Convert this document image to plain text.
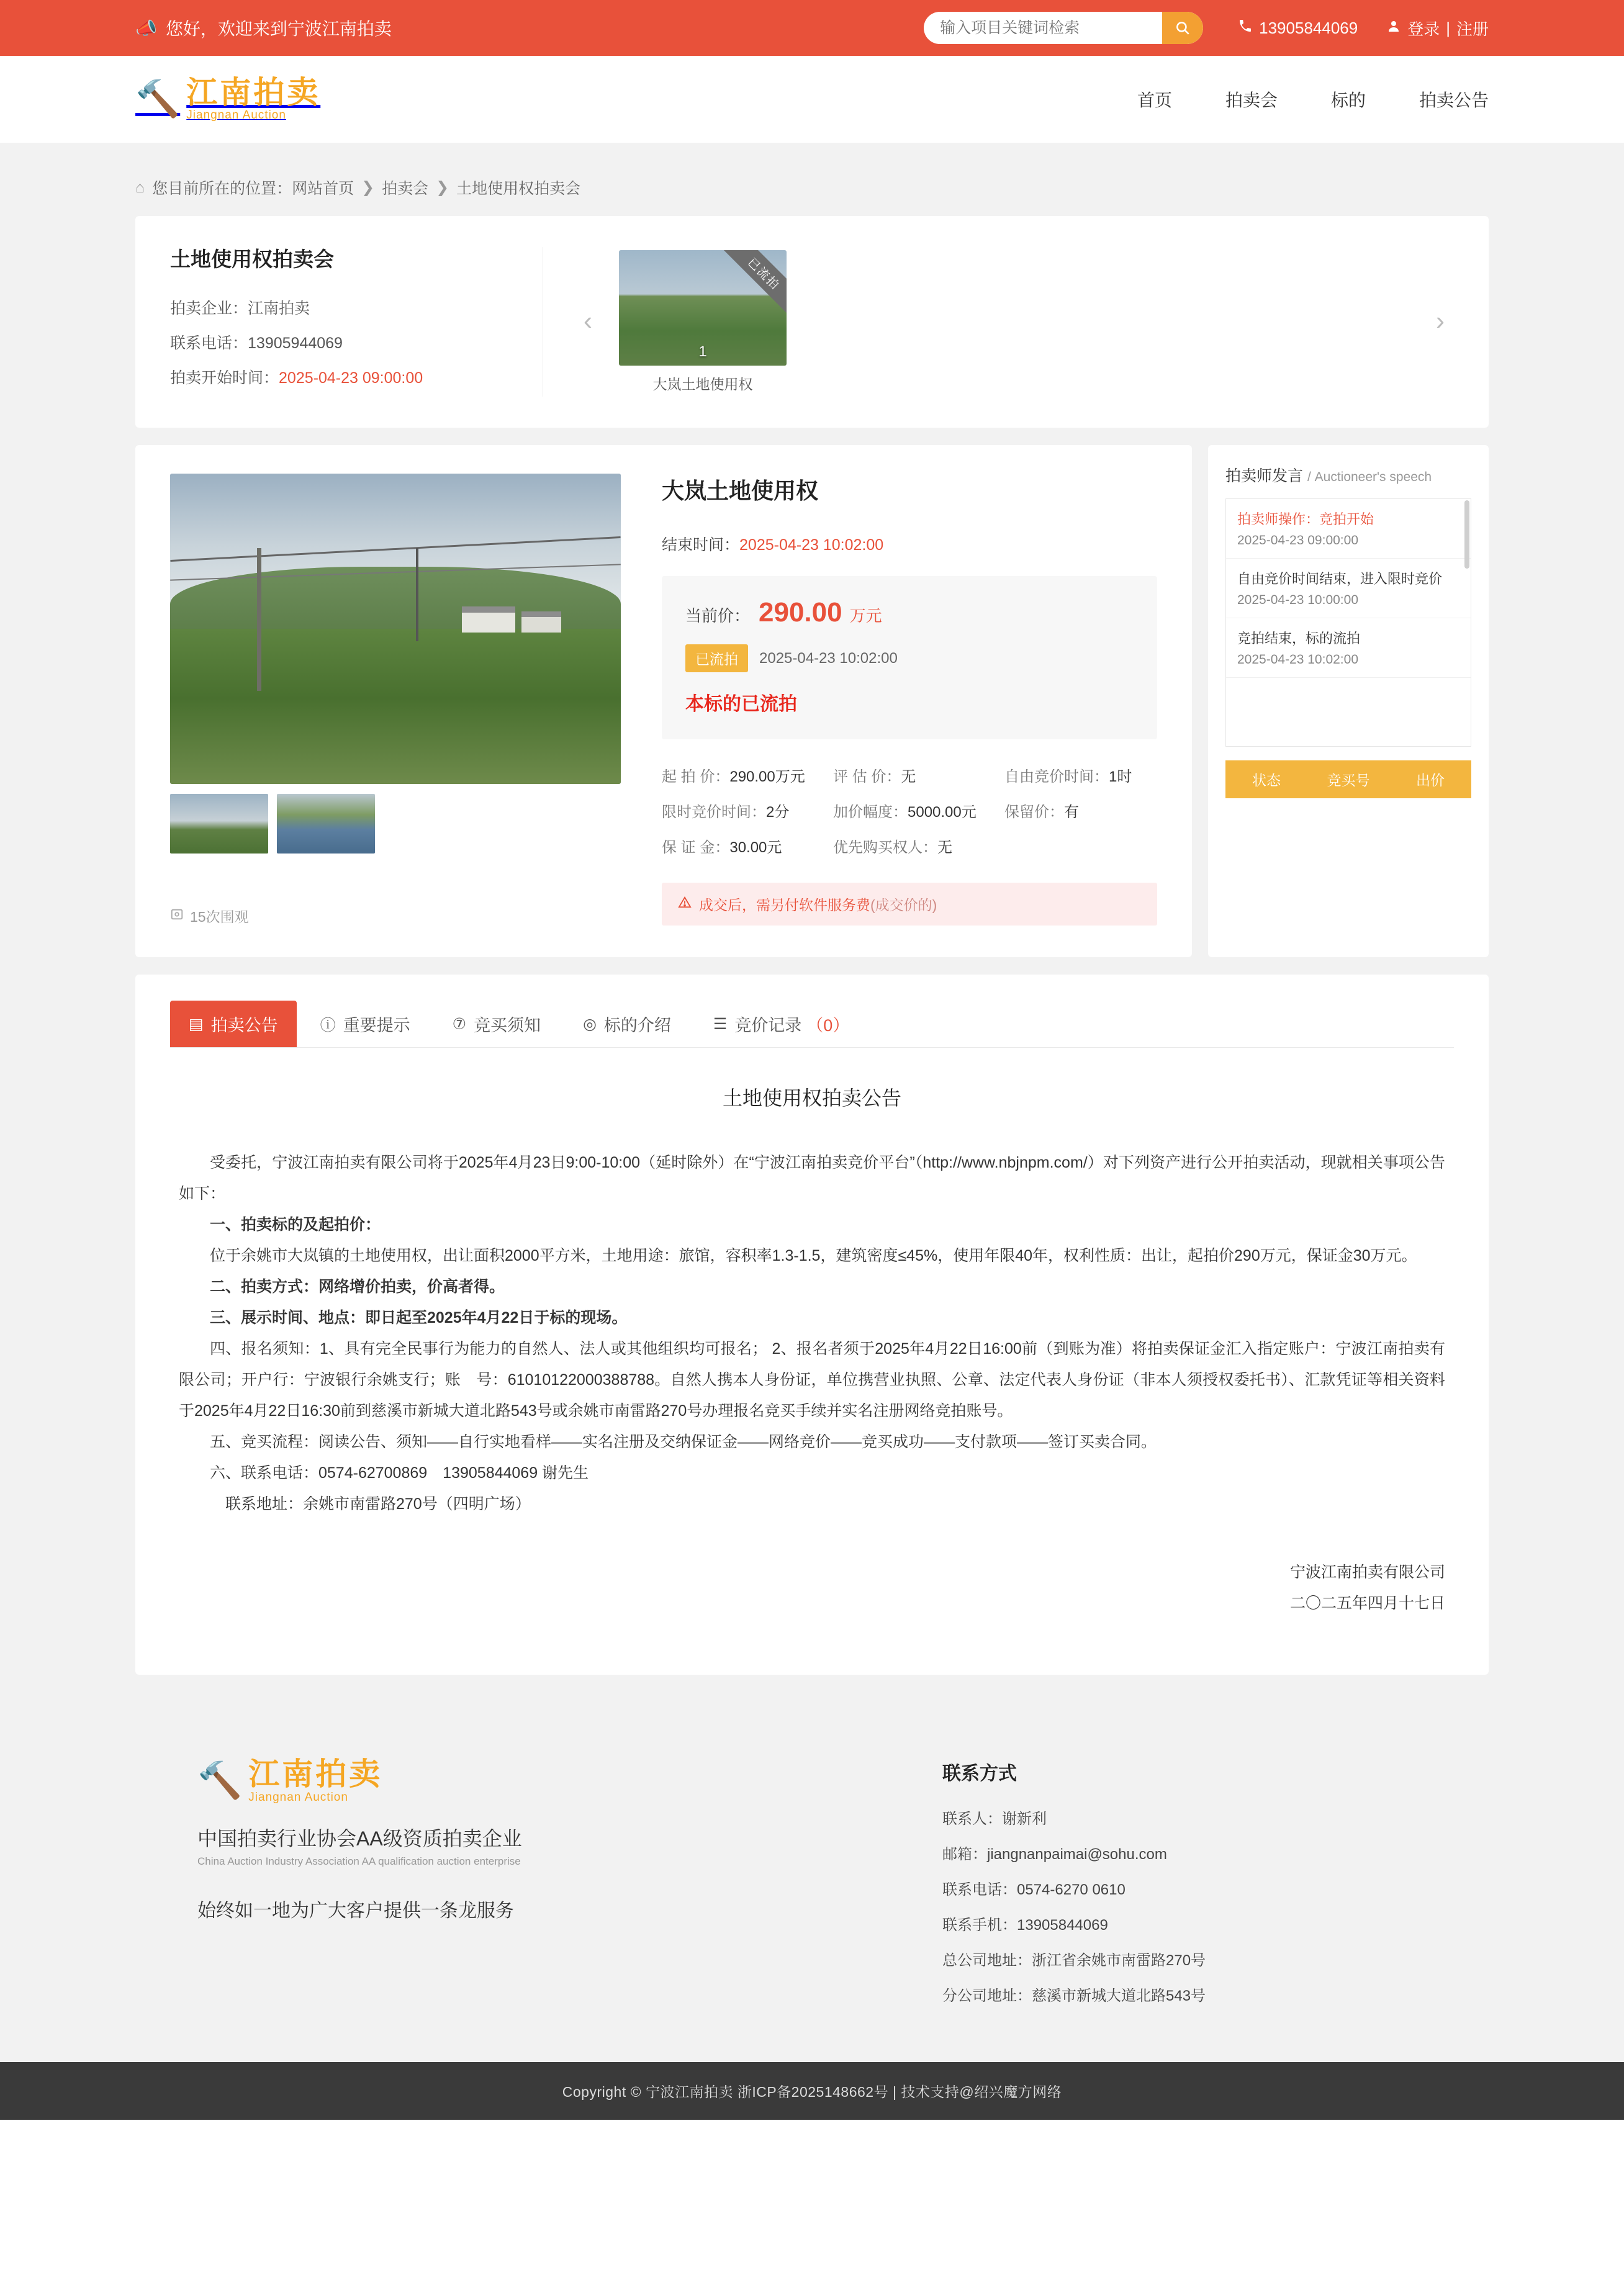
📣 您好，欢迎来到宁波江南拍卖
输入项目关键词检索	13905844069	登录 | 注册
🔨 江南拍卖
Jiangnan Auction
首页	拍卖会	标的	拍卖公告
⌂ 您目前所在的位置： 网站首页 ❯ 拍卖会 ❯ 土地使用权拍卖会
土地使用权拍卖会
拍卖企业：江南拍卖
联系电话：13905944069
拍卖开始时间：2025-04-23 09:00:00
‹
已流拍
1
大岚土地使用权
›
15次围观
大岚土地使用权
结束时间：2025-04-23 10:02:00
当前价： 290.00 万元
已流拍	2025-04-23 10:02:00
本标的已流拍
起 拍 价：290.00万元	评 估 价：无	自由竞价时间：1时
限时竞价时间：2分	加价幅度：5000.00元	保留价：有
保 证 金：30.00元	优先购买权人：无
成交后，需另付软件服务费 (成交价的)
拍卖师发言 / Auctioneer's speech
拍卖师操作：竞拍开始
2025-04-23 09:00:00
自由竞价时间结束，进入限时竞价
2025-04-23 10:00:00
竞拍结束，标的流拍
2025-04-23 10:02:00
状态	竞买号	出价
▤ 拍卖公告	ⓘ 重要提示	⑦ 竞买须知	◎ 标的介绍	☰ 竞价记录 （0）
土地使用权拍卖公告

受委托，宁波江南拍卖有限公司将于2025年4月23日9:00-10:00（延时除外）在“宁波江南拍卖竞价平台”（http://www.nbjnpm.com/）对下列资产进行公开拍卖活动，现就相关事项公告如下：

一、拍卖标的及起拍价：

位于余姚市大岚镇的土地使用权，出让面积2000平方米，土地用途：旅馆，容积率1.3-1.5，建筑密度≤45%，使用年限40年，权利性质：出让，起拍价290万元，保证金30万元。

二、拍卖方式：网络增价拍卖，价高者得。

三、展示时间、地点：即日起至2025年4月22日于标的现场。

四、报名须知：1、具有完全民事行为能力的自然人、法人或其他组织均可报名； 2、报名者须于2025年4月22日16:00前（到账为准）将拍卖保证金汇入指定账户：宁波江南拍卖有限公司；开户行：宁波银行余姚支行；账　号：61010122000388788。自然人携本人身份证，单位携营业执照、公章、法定代表人身份证（非本人须授权委托书）、汇款凭证等相关资料于2025年4月22日16:30前到慈溪市新城大道北路543号或余姚市南雷路270号办理报名竞买手续并实名注册网络竞拍账号。

五、竞买流程：阅读公告、须知——自行实地看样——实名注册及交纳保证金——网络竞价——竞买成功——支付款项——签订买卖合同。

六、联系电话：0574-62700869　13905844069 谢先生

联系地址：余姚市南雷路270号（四明广场）

宁波江南拍卖有限公司

二〇二五年四月十七日

🔨 江南拍卖
Jiangnan Auction
中国拍卖行业协会AA级资质拍卖企业
China Auction Industry Association AA qualification auction enterprise
始终如一地为广大客户提供一条龙服务
联系方式
联系人：谢新利
邮箱：jiangnanpaimai@sohu.com
联系电话：0574-6270 0610
联系手机：13905844069
总公司地址：浙江省余姚市南雷路270号
分公司地址：慈溪市新城大道北路543号
Copyright © 宁波江南拍卖 浙ICP备2025148662号 | 技术支持@绍兴魔方网络
